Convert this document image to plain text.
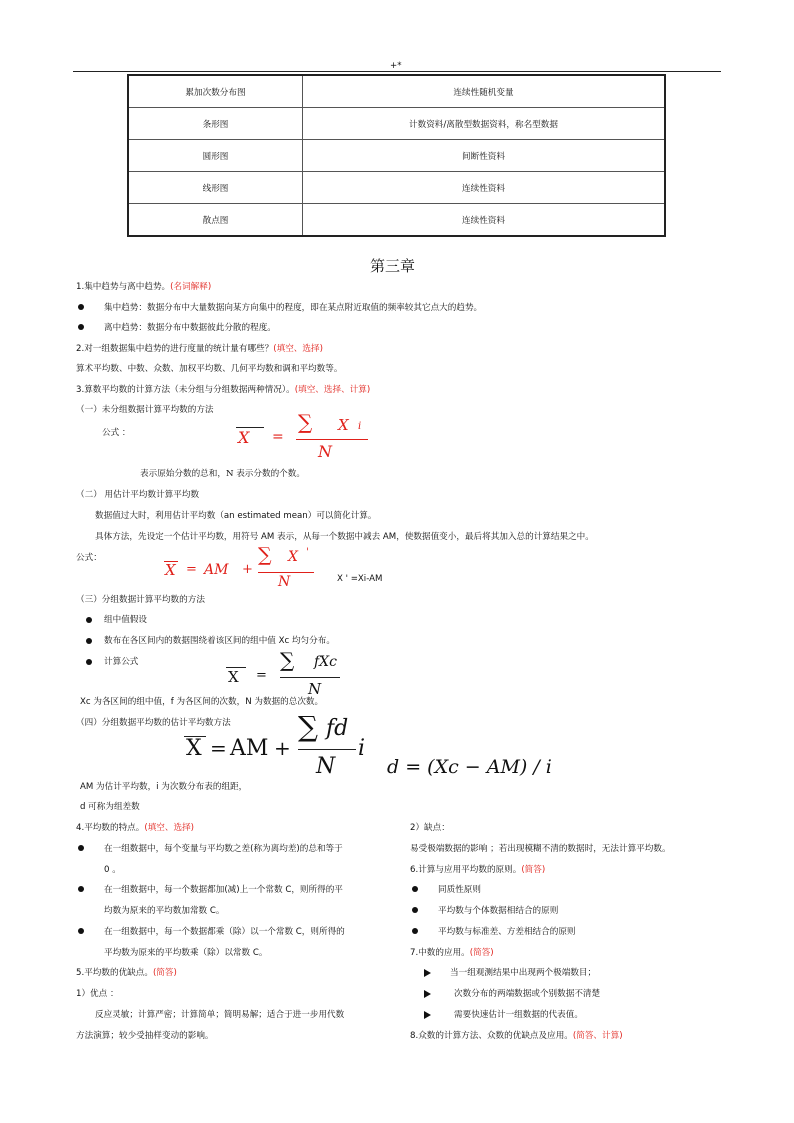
+*
累加次数分布图	连续性随机变量
条形图	计数资料/离散型数据资料，称名型数据
圆形图	间断性资料
线形图	连续性资料
散点图	连续性资料
第三章
1.集中趋势与离中趋势。(名词解释)
集中趋势：数据分布中大量数据向某方向集中的程度，即在某点附近取值的频率较其它点大的趋势。
离中趋势：数据分布中数据彼此分散的程度。
2.对一组数据集中趋势的进行度量的统计量有哪些？(填空、选择)
算术平均数、中数、众数、加权平均数、几何平均数和调和平均数等。
3.算数平均数的计算方法（未分组与分组数据两种情况）。(填空、选择、计算)
（一）未分组数据计算平均数的方法
公式 ：	X =
∑ X i
N
表示原始分数的总和，N 表示分数的个数。
（二） 用估计平均数计算平均数
数据值过大时，利用估计平均数（an estimated mean）可以简化计算。
具体方法，先设定一个估计平均数，用符号 AM 表示，从每一个数据中减去 AM，使数据值变小，最后将其加入总的计算结果之中。
公式：
X = AM +
∑ X '
N	X ' =Xi-AM
（三）分组数据计算平均数的方法
组中值假设
数布在各区间内的数据围绕着该区间的组中值 Xc 均匀分布。
计算公式
X =
∑ fXc
N
Xc 为各区间的组中值，f 为各区间的次数，N 为数据的总次数。
（四）分组数据平均数的估计平均数方法
X = AM +
∑ fd
N
i
d = (Xc − AM) / i
AM 为估计平均数，i 为次数分布表的组距，
d 可称为组差数
4.平均数的特点。(填空、选择)
在一组数据中，每个变量与平均数之差(称为离均差)的总和等于
0 。
在一组数据中，每一个数据都加(减)上一个常数 C，则所得的平
均数为原来的平均数加常数 C。
在一组数据中，每一个数据都乘（除）以一个常数 C，则所得的
平均数为原来的平均数乘（除）以常数 C。
5.平均数的优缺点。(简答)
1）优点 ：
反应灵敏；计算严密；计算简单；简明易解；适合于进一步用代数
方法演算；较少受抽样变动的影响。
2）缺点：
易受极端数据的影响 ；若出现模糊不清的数据时，无法计算平均数。
6.计算与应用平均数的原则。(简答)
同质性原则
平均数与个体数据相结合的原则
平均数与标准差、方差相结合的原则
7.中数的应用。(简答)
当一组观测结果中出现两个极端数目；
次数分布的两端数据或个别数据不清楚
需要快速估计一组数据的代表值。
8.众数的计算方法、众数的优缺点及应用。(简答、计算)
